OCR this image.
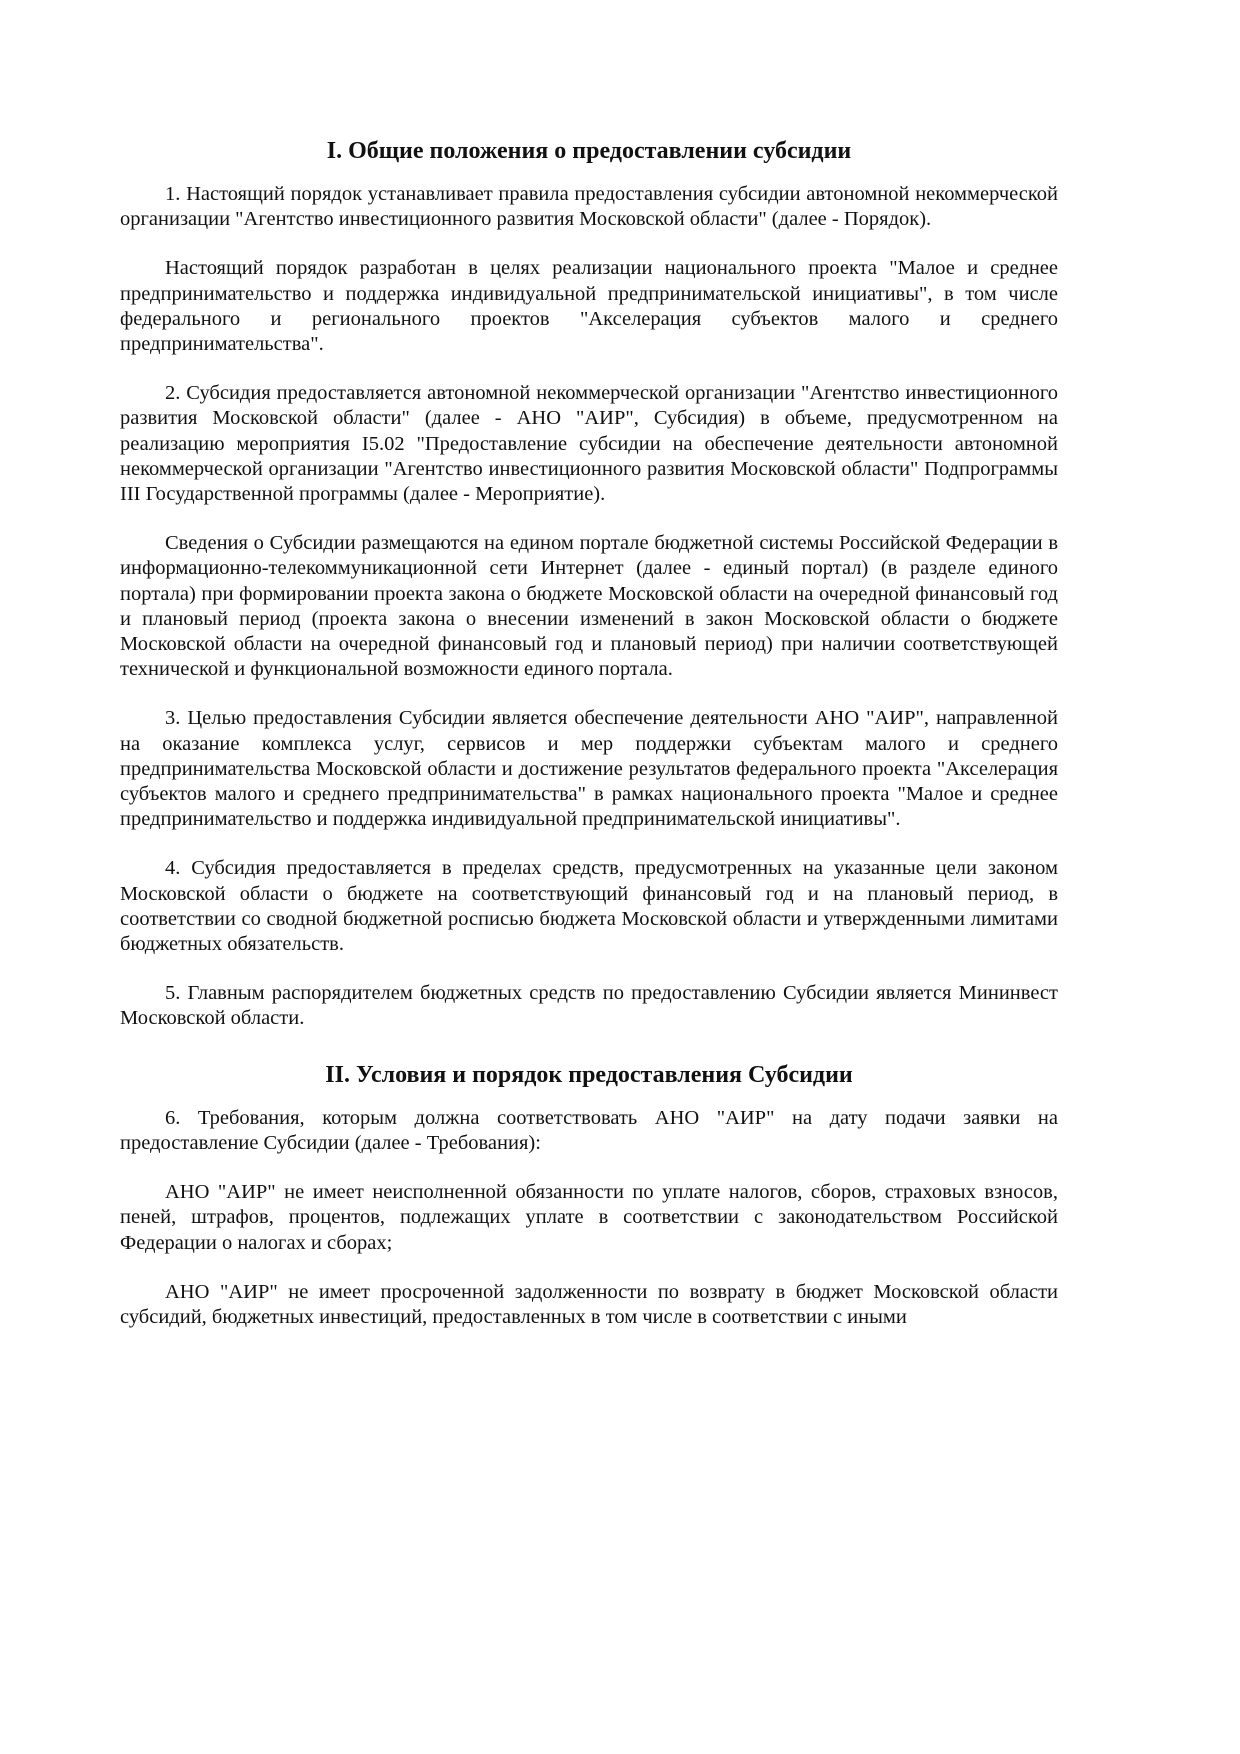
I. Общие положения о предоставлении субсидии

1. Настоящий порядок устанавливает правила предоставления субсидии автономной некоммерческой организации "Агентство инвестиционного развития Московской области" (далее - Порядок).

Настоящий порядок разработан в целях реализации национального проекта "Малое и среднее предпринимательство и поддержка индивидуальной предпринимательской инициативы", в том числе федерального и регионального проектов "Акселерация субъектов малого и среднего предпринимательства".

2. Субсидия предоставляется автономной некоммерческой организации "Агентство инвестиционного развития Московской области" (далее - АНО "АИР", Субсидия) в объеме, предусмотренном на реализацию мероприятия I5.02 "Предоставление субсидии на обеспечение деятельности автономной некоммерческой организации "Агентство инвестиционного развития Московской области" Подпрограммы III Государственной программы (далее - Мероприятие).

Сведения о Субсидии размещаются на едином портале бюджетной системы Российской Федерации в информационно-телекоммуникационной сети Интернет (далее - единый портал) (в разделе единого портала) при формировании проекта закона о бюджете Московской области на очередной финансовый год и плановый период (проекта закона о внесении изменений в закон Московской области о бюджете Московской области на очередной финансовый год и плановый период) при наличии соответствующей технической и функциональной возможности единого портала.

3. Целью предоставления Субсидии является обеспечение деятельности АНО "АИР", направленной на оказание комплекса услуг, сервисов и мер поддержки субъектам малого и среднего предпринимательства Московской области и достижение результатов федерального проекта "Акселерация субъектов малого и среднего предпринимательства" в рамках национального проекта "Малое и среднее предпринимательство и поддержка индивидуальной предпринимательской инициативы".

4. Субсидия предоставляется в пределах средств, предусмотренных на указанные цели законом Московской области о бюджете на соответствующий финансовый год и на плановый период, в соответствии со сводной бюджетной росписью бюджета Московской области и утвержденными лимитами бюджетных обязательств.

5. Главным распорядителем бюджетных средств по предоставлению Субсидии является Мининвест Московской области.

II. Условия и порядок предоставления Субсидии

6. Требования, которым должна соответствовать АНО "АИР" на дату подачи заявки на предоставление Субсидии (далее - Требования):

АНО "АИР" не имеет неисполненной обязанности по уплате налогов, сборов, страховых взносов, пеней, штрафов, процентов, подлежащих уплате в соответствии с законодательством Российской Федерации о налогах и сборах;

АНО "АИР" не имеет просроченной задолженности по возврату в бюджет Московской области субсидий, бюджетных инвестиций, предоставленных в том числе в соответствии с иными
